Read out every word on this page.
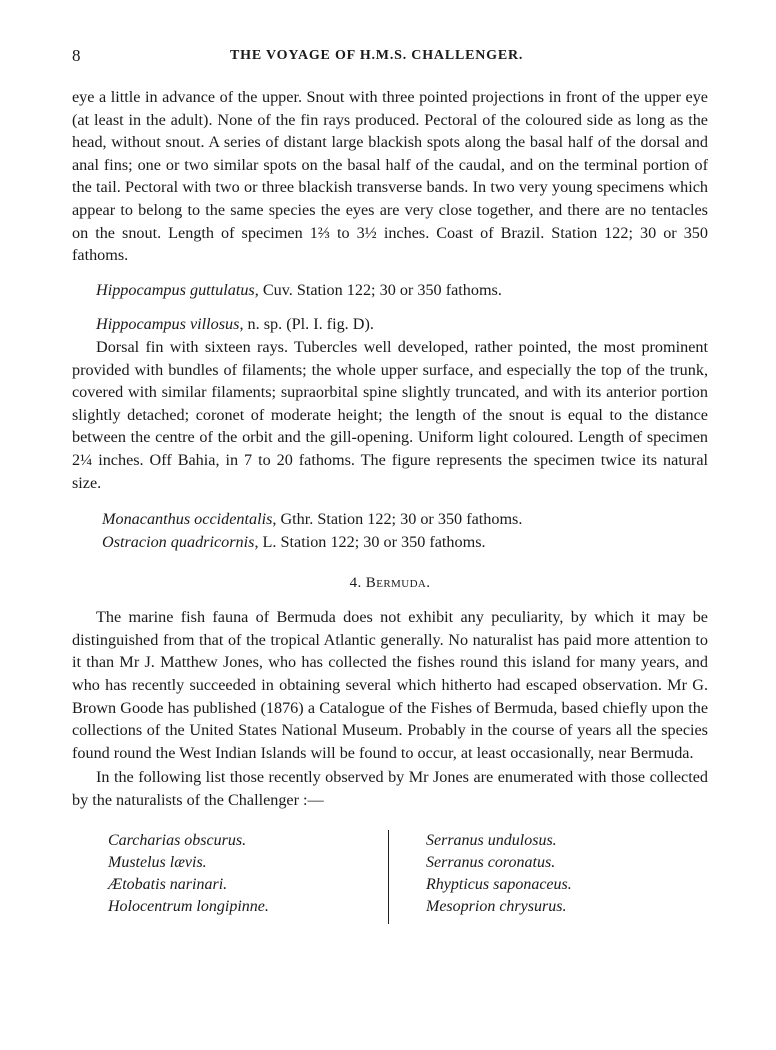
8	THE VOYAGE OF H.M.S. CHALLENGER.

eye a little in advance of the upper. Snout with three pointed projections in front of the upper eye (at least in the adult). None of the fin rays produced. Pectoral of the coloured side as long as the head, without snout. A series of distant large blackish spots along the basal half of the dorsal and anal fins; one or two similar spots on the basal half of the caudal, and on the terminal portion of the tail. Pectoral with two or three blackish transverse bands. In two very young specimens which appear to belong to the same species the eyes are very close together, and there are no tentacles on the snout. Length of specimen 1⅔ to 3½ inches. Coast of Brazil. Station 122; 30 or 350 fathoms.

Hippocampus guttulatus, Cuv. Station 122; 30 or 350 fathoms.

Hippocampus villosus, n. sp. (Pl. I. fig. D).

Dorsal fin with sixteen rays. Tubercles well developed, rather pointed, the most prominent provided with bundles of filaments; the whole upper surface, and especially the top of the trunk, covered with similar filaments; supraorbital spine slightly truncated, and with its anterior portion slightly detached; coronet of moderate height; the length of the snout is equal to the distance between the centre of the orbit and the gill-opening. Uniform light coloured. Length of specimen 2¼ inches. Off Bahia, in 7 to 20 fathoms. The figure represents the specimen twice its natural size.

Monacanthus occidentalis, Gthr. Station 122; 30 or 350 fathoms.

Ostracion quadricornis, L. Station 122; 30 or 350 fathoms.

4. Bermuda.

The marine fish fauna of Bermuda does not exhibit any peculiarity, by which it may be distinguished from that of the tropical Atlantic generally. No naturalist has paid more attention to it than Mr J. Matthew Jones, who has collected the fishes round this island for many years, and who has recently succeeded in obtaining several which hitherto had escaped observation. Mr G. Brown Goode has published (1876) a Catalogue of the Fishes of Bermuda, based chiefly upon the collections of the United States National Museum. Probably in the course of years all the species found round the West Indian Islands will be found to occur, at least occasionally, near Bermuda.

In the following list those recently observed by Mr Jones are enumerated with those collected by the naturalists of the Challenger :—

Carcharias obscurus.
Mustelus lævis.
Ætobatis narinari.
Holocentrum longipinne.
Serranus undulosus.
Serranus coronatus.
Rhypticus saponaceus.
Mesoprion chrysurus.
